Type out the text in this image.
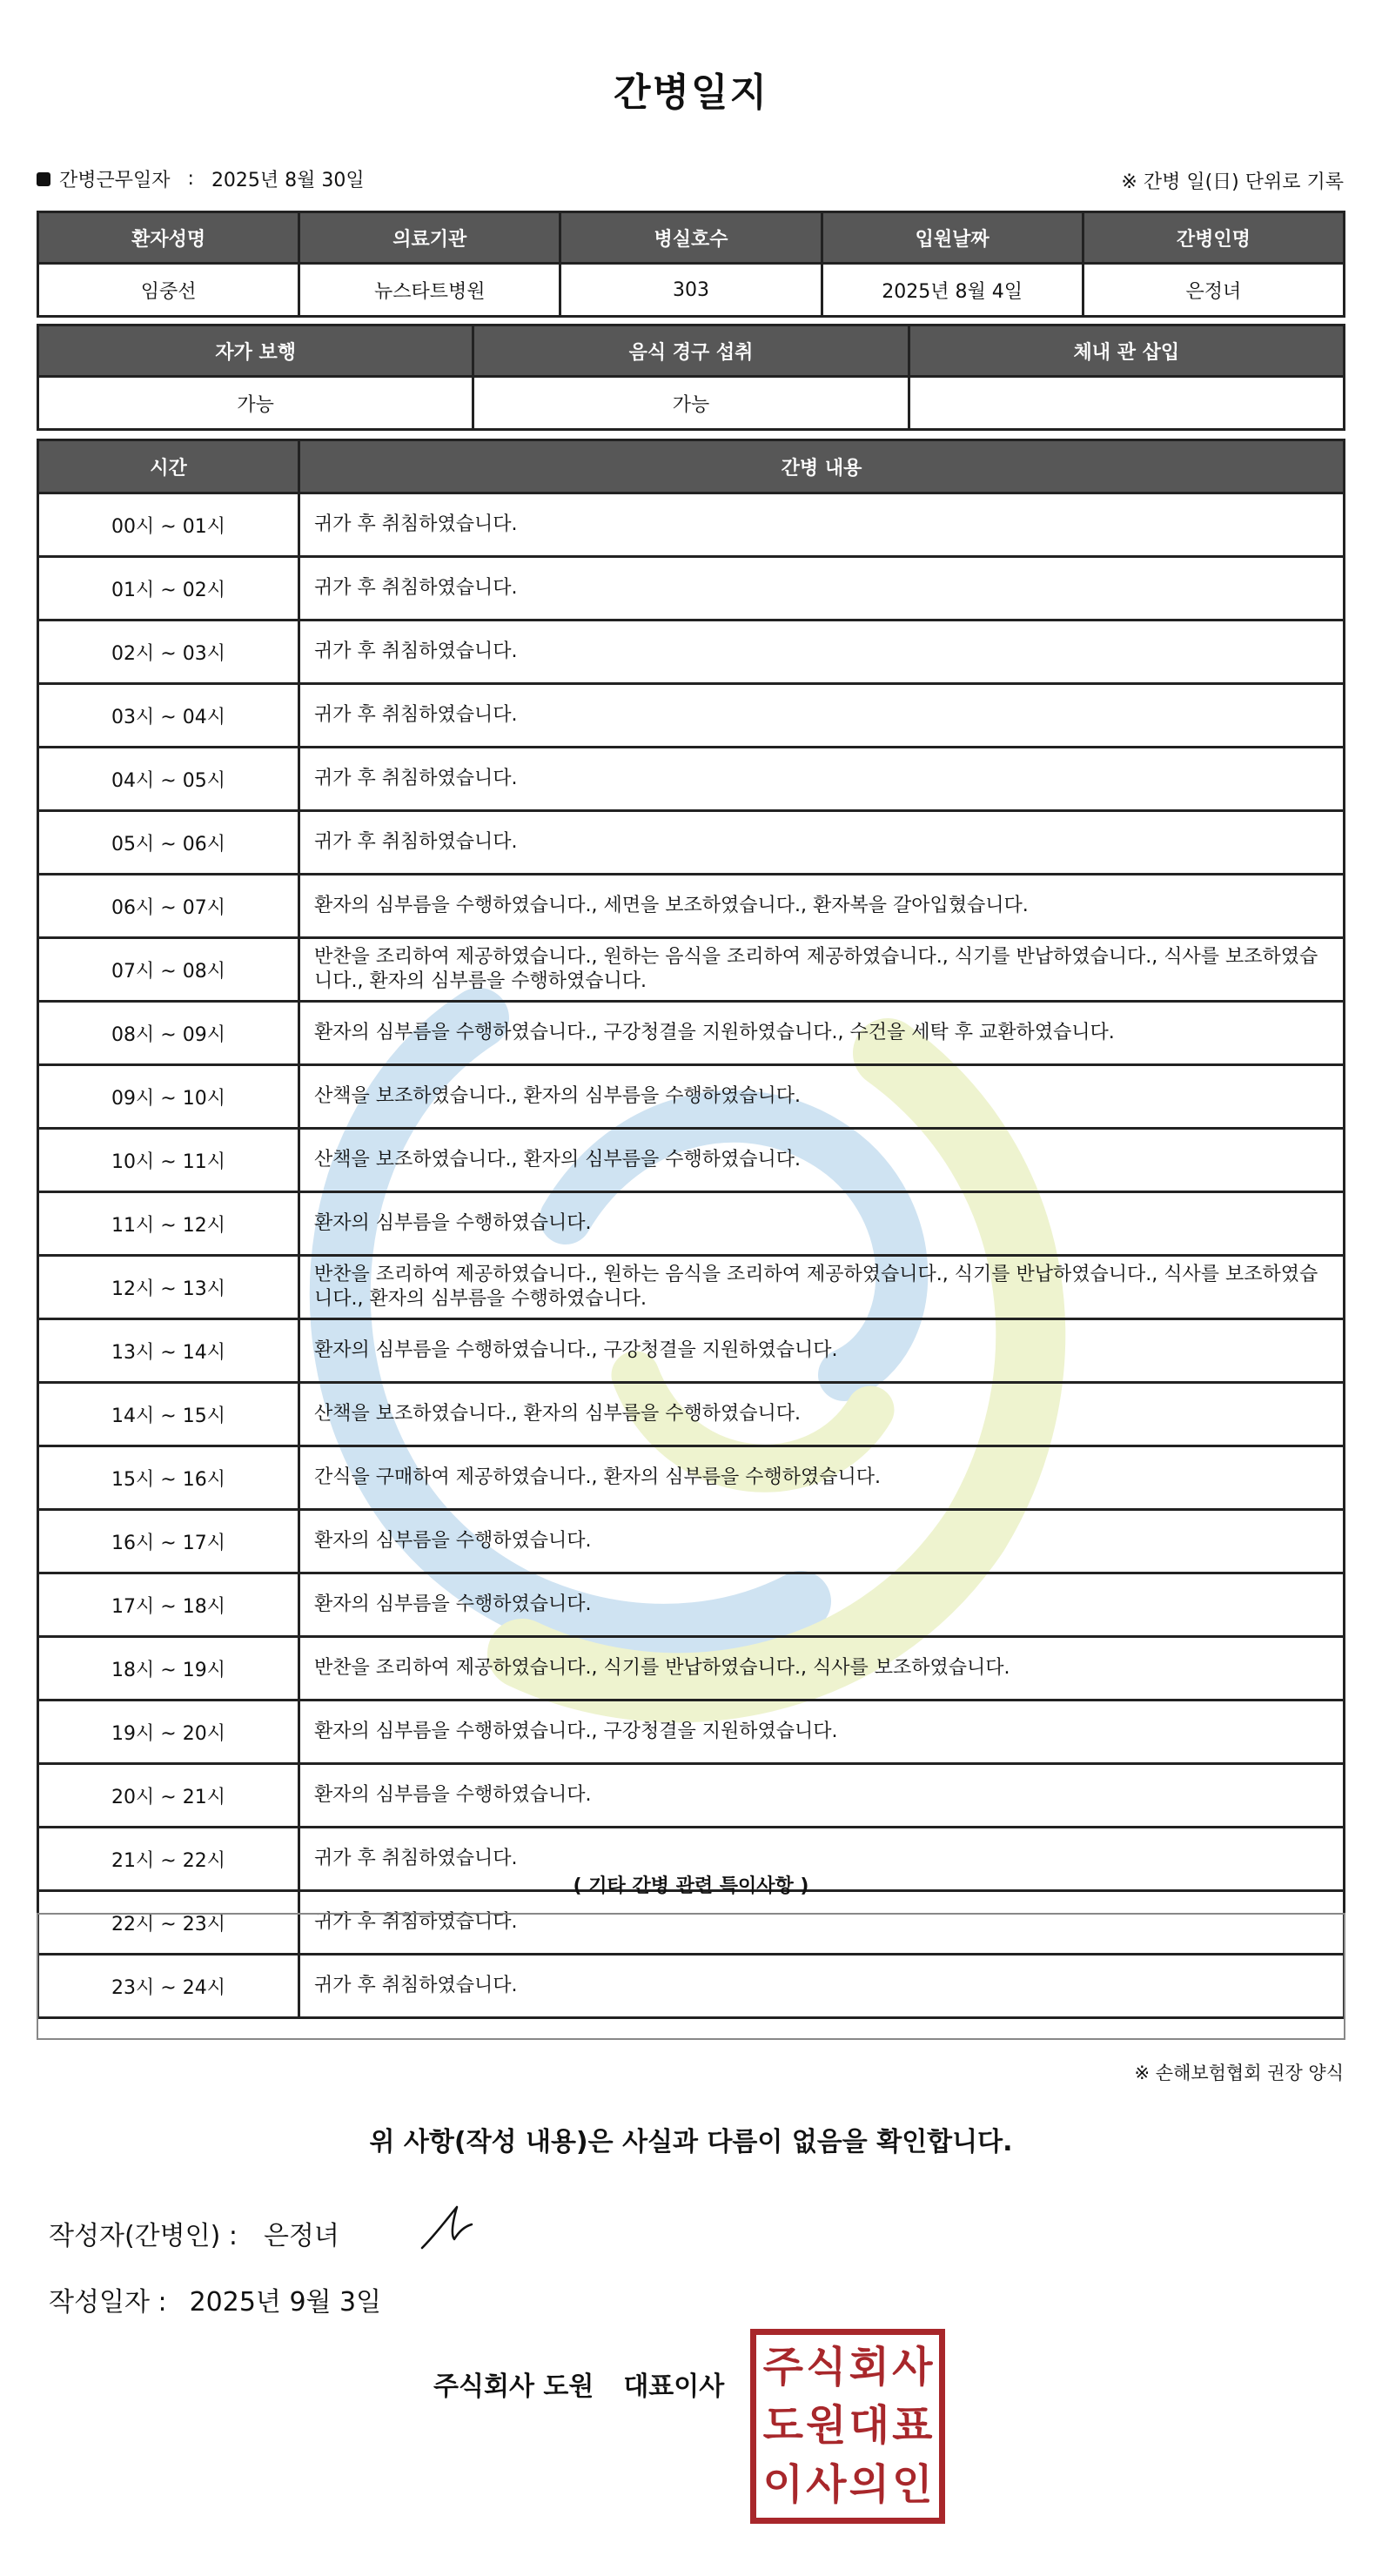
간병일지
간병근무일자 : 2025년 8월 30일	※ 간병 일(日) 단위로 기록
환자성명	의료기관	병실호수	입원날짜	간병인명
임중선	뉴스타트병원	303	2025년 8월 4일	은정녀
자가 보행	음식 경구 섭취	체내 관 삽입
가능	가능	
시간	간병 내용
00시 ~ 01시	귀가 후 취침하였습니다.
01시 ~ 02시	귀가 후 취침하였습니다.
02시 ~ 03시	귀가 후 취침하였습니다.
03시 ~ 04시	귀가 후 취침하였습니다.
04시 ~ 05시	귀가 후 취침하였습니다.
05시 ~ 06시	귀가 후 취침하였습니다.
06시 ~ 07시	환자의 심부름을 수행하였습니다., 세면을 보조하였습니다., 환자복을 갈아입혔습니다.
07시 ~ 08시	반찬을 조리하여 제공하였습니다., 원하는 음식을 조리하여 제공하였습니다., 식기를 반납하였습니다., 식사를 보조하였습니다., 환자의 심부름을 수행하였습니다.
08시 ~ 09시	환자의 심부름을 수행하였습니다., 구강청결을 지원하였습니다., 수건을 세탁 후 교환하였습니다.
09시 ~ 10시	산책을 보조하였습니다., 환자의 심부름을 수행하였습니다.
10시 ~ 11시	산책을 보조하였습니다., 환자의 심부름을 수행하였습니다.
11시 ~ 12시	환자의 심부름을 수행하였습니다.
12시 ~ 13시	반찬을 조리하여 제공하였습니다., 원하는 음식을 조리하여 제공하였습니다., 식기를 반납하였습니다., 식사를 보조하였습니다., 환자의 심부름을 수행하였습니다.
13시 ~ 14시	환자의 심부름을 수행하였습니다., 구강청결을 지원하였습니다.
14시 ~ 15시	산책을 보조하였습니다., 환자의 심부름을 수행하였습니다.
15시 ~ 16시	간식을 구매하여 제공하였습니다., 환자의 심부름을 수행하였습니다.
16시 ~ 17시	환자의 심부름을 수행하였습니다.
17시 ~ 18시	환자의 심부름을 수행하였습니다.
18시 ~ 19시	반찬을 조리하여 제공하였습니다., 식기를 반납하였습니다., 식사를 보조하였습니다.
19시 ~ 20시	환자의 심부름을 수행하였습니다., 구강청결을 지원하였습니다.
20시 ~ 21시	환자의 심부름을 수행하였습니다.
21시 ~ 22시	귀가 후 취침하였습니다.
22시 ~ 23시	귀가 후 취침하였습니다.
23시 ~ 24시	귀가 후 취침하였습니다.
( 기타 간병 관련 특이사항 )
※ 손해보험협회 권장 양식
위 사항(작성 내용)은 사실과 다름이 없음을 확인합니다.
작성자(간병인) : 은정녀
작성일자 : 2025년 9월 3일
주식회사 도원 대표이사 주 식 회 사
도 원 대 표
이 사 의 인
